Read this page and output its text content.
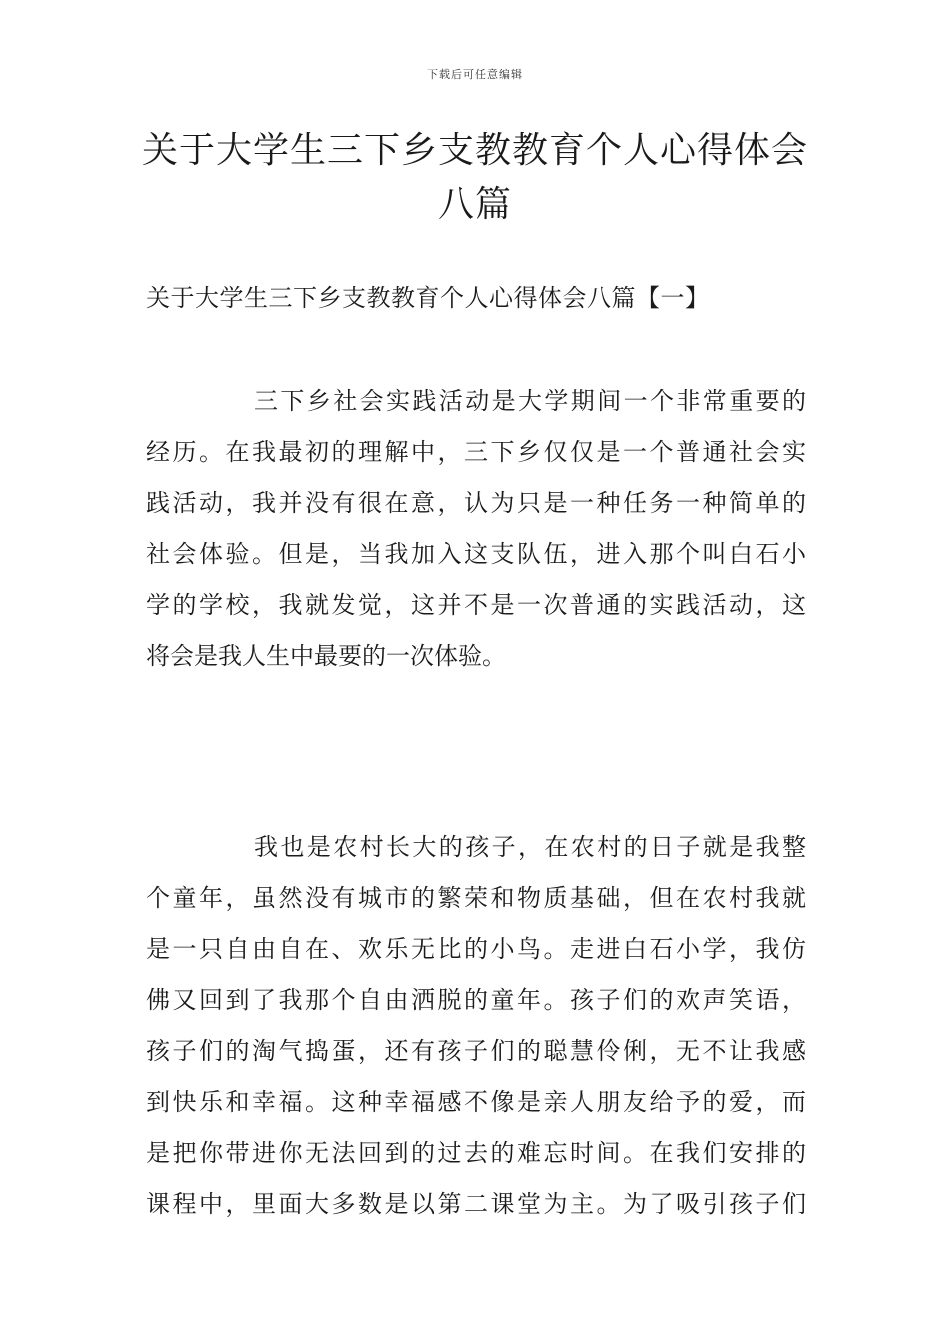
下载后可任意编辑
关于大学生三下乡支教教育个人心得体会
八篇
关于大学生三下乡支教教育个人心得体会八篇【一】

三下乡社会实践活动是大学期间一个非常重要的
经历。在我最初的理解中，三下乡仅仅是一个普通社会实
践活动，我并没有很在意，认为只是一种任务一种简单的
社会体验。但是，当我加入这支队伍，进入那个叫白石小
学的学校，我就发觉，这并不是一次普通的实践活动，这
将会是我人生中最要的一次体验。

我也是农村长大的孩子，在农村的日子就是我整
个童年，虽然没有城市的繁荣和物质基础，但在农村我就
是一只自由自在、欢乐无比的小鸟。走进白石小学，我仿
佛又回到了我那个自由洒脱的童年。孩子们的欢声笑语，
孩子们的淘气捣蛋，还有孩子们的聪慧伶俐，无不让我感
到快乐和幸福。这种幸福感不像是亲人朋友给予的爱，而
是把你带进你无法回到的过去的难忘时间。在我们安排的
课程中，里面大多数是以第二课堂为主。为了吸引孩子们
